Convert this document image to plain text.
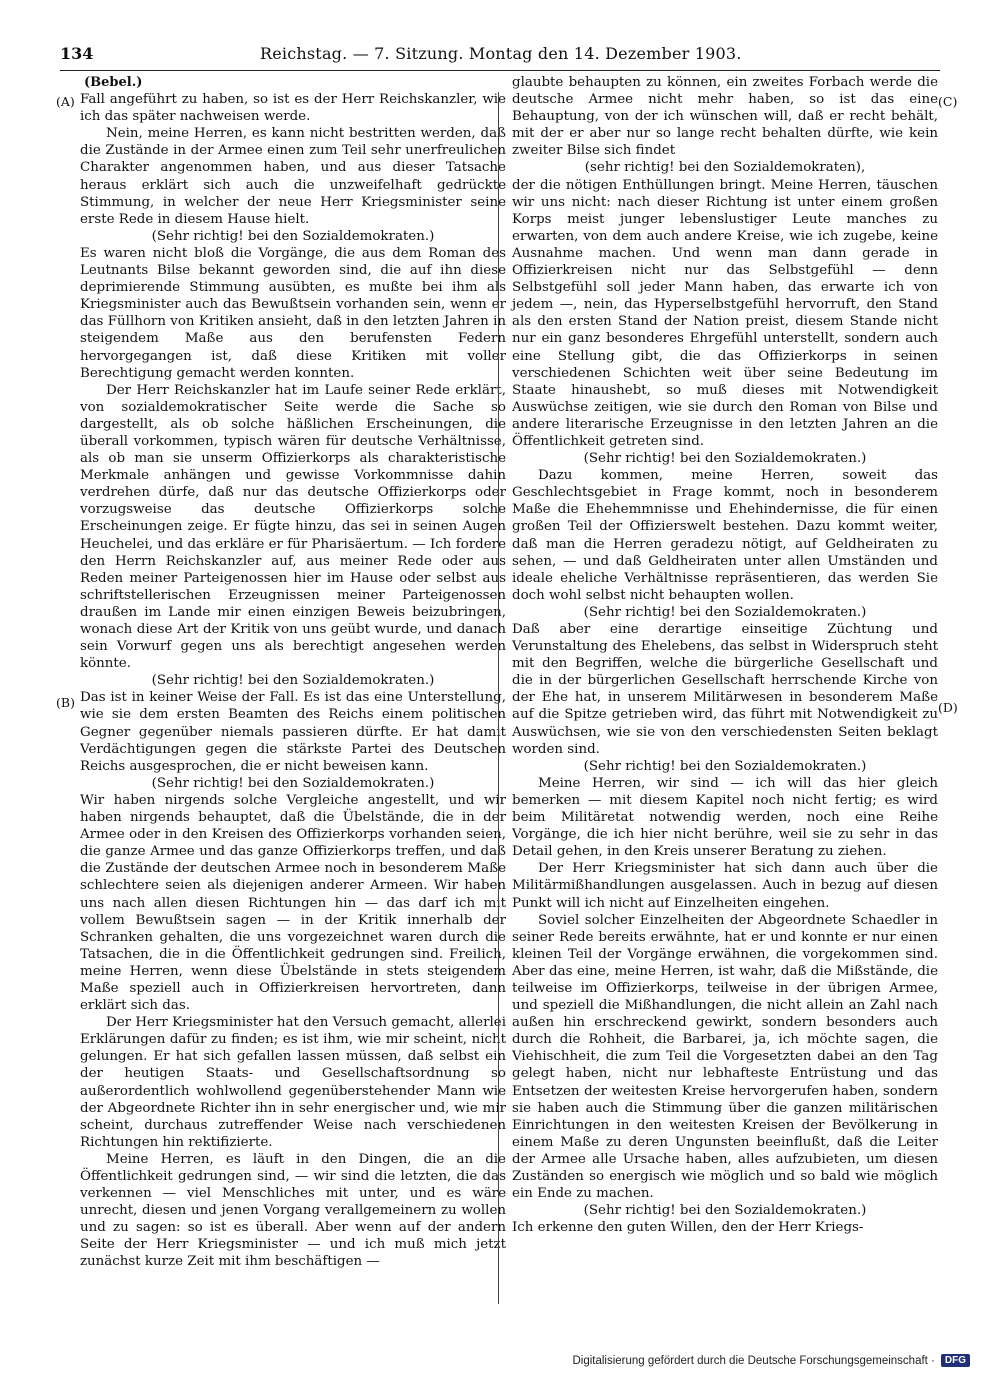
134	Reichstag. — 7. Sitzung. Montag den 14. Dezember 1903.
(A)
(B)
(C)
(D)
(Bebel.)

Fall angeführt zu haben, so ist es der Herr Reichskanzler, wie ich das später nachweisen werde.

Nein, meine Herren, es kann nicht bestritten werden, daß die Zustände in der Armee einen zum Teil sehr unerfreulichen Charakter angenommen haben, und aus dieser Tatsache heraus erklärt sich auch die unzweifelhaft gedrückte Stimmung, in welcher der neue Herr Kriegsminister seine erste Rede in diesem Hause hielt.

(Sehr richtig! bei den Sozialdemokraten.)

Es waren nicht bloß die Vorgänge, die aus dem Roman des Leutnants Bilse bekannt geworden sind, die auf ihn diese deprimierende Stimmung ausübten, es mußte bei ihm als Kriegsminister auch das Bewußtsein vorhanden sein, wenn er das Füllhorn von Kritiken ansieht, daß in den letzten Jahren in steigendem Maße aus den berufensten Federn hervorgegangen ist, daß diese Kritiken mit voller Berechtigung gemacht werden konnten.

Der Herr Reichskanzler hat im Laufe seiner Rede erklärt, von sozialdemokratischer Seite werde die Sache so dargestellt, als ob solche häßlichen Erscheinungen, die überall vorkommen, typisch wären für deutsche Verhältnisse, als ob man sie unserm Offizierkorps als charakteristische Merkmale anhängen und gewisse Vorkommnisse dahin verdrehen dürfe, daß nur das deutsche Offizierkorps oder vorzugsweise das deutsche Offizierkorps solche Erscheinungen zeige. Er fügte hinzu, das sei in seinen Augen Heuchelei, und das erkläre er für Pharisäertum. — Ich fordere den Herrn Reichskanzler auf, aus meiner Rede oder aus Reden meiner Parteigenossen hier im Hause oder selbst aus schriftstellerischen Erzeugnissen meiner Parteigenossen draußen im Lande mir einen einzigen Beweis beizubringen, wonach diese Art der Kritik von uns geübt wurde, und danach sein Vorwurf gegen uns als berechtigt angesehen werden könnte.

(Sehr richtig! bei den Sozialdemokraten.)

Das ist in keiner Weise der Fall. Es ist das eine Unterstellung, wie sie dem ersten Beamten des Reichs einem politischen Gegner gegenüber niemals passieren dürfte. Er hat damit Verdächtigungen gegen die stärkste Partei des Deutschen Reichs ausgesprochen, die er nicht beweisen kann.

(Sehr richtig! bei den Sozialdemokraten.)

Wir haben nirgends solche Vergleiche angestellt, und wir haben nirgends behauptet, daß die Übelstände, die in der Armee oder in den Kreisen des Offizierkorps vorhanden seien, die ganze Armee und das ganze Offizierkorps treffen, und daß die Zustände der deutschen Armee noch in besonderem Maße schlechtere seien als diejenigen anderer Armeen. Wir haben uns nach allen diesen Richtungen hin — das darf ich mit vollem Bewußtsein sagen — in der Kritik innerhalb der Schranken gehalten, die uns vorgezeichnet waren durch die Tatsachen, die in die Öffentlichkeit gedrungen sind. Freilich, meine Herren, wenn diese Übelstände in stets steigendem Maße speziell auch in Offizierkreisen hervortreten, dann erklärt sich das.

Der Herr Kriegsminister hat den Versuch gemacht, allerlei Erklärungen dafür zu finden; es ist ihm, wie mir scheint, nicht gelungen. Er hat sich gefallen lassen müssen, daß selbst ein der heutigen Staats- und Gesellschaftsordnung so außerordentlich wohlwollend gegenüberstehender Mann wie der Abgeordnete Richter ihn in sehr energischer und, wie mir scheint, durchaus zutreffender Weise nach verschiedenen Richtungen hin rektifizierte.

Meine Herren, es läuft in den Dingen, die an die Öffentlichkeit gedrungen sind, — wir sind die letzten, die das verkennen — viel Menschliches mit unter, und es wäre unrecht, diesen und jenen Vorgang verallgemeinern zu wollen und zu sagen: so ist es überall. Aber wenn auf der andern Seite der Herr Kriegsminister — und ich muß mich jetzt zunächst kurze Zeit mit ihm beschäftigen —

glaubte behaupten zu können, ein zweites Forbach werde die deutsche Armee nicht mehr haben, so ist das eine Behauptung, von der ich wünschen will, daß er recht behält, mit der er aber nur so lange recht behalten dürfte, wie kein zweiter Bilse sich findet

(sehr richtig! bei den Sozialdemokraten),

der die nötigen Enthüllungen bringt. Meine Herren, täuschen wir uns nicht: nach dieser Richtung ist unter einem großen Korps meist junger lebenslustiger Leute manches zu erwarten, von dem auch andere Kreise, wie ich zugebe, keine Ausnahme machen. Und wenn man dann gerade in Offizierkreisen nicht nur das Selbstgefühl — denn Selbstgefühl soll jeder Mann haben, das erwarte ich von jedem —, nein, das Hyperselbstgefühl hervorruft, den Stand als den ersten Stand der Nation preist, diesem Stande nicht nur ein ganz besonderes Ehrgefühl unterstellt, sondern auch eine Stellung gibt, die das Offizierkorps in seinen verschiedenen Schichten weit über seine Bedeutung im Staate hinaushebt, so muß dieses mit Notwendigkeit Auswüchse zeitigen, wie sie durch den Roman von Bilse und andere literarische Erzeugnisse in den letzten Jahren an die Öffentlichkeit getreten sind.

(Sehr richtig! bei den Sozialdemokraten.)

Dazu kommen, meine Herren, soweit das Geschlechtsgebiet in Frage kommt, noch in besonderem Maße die Ehehemmnisse und Ehehindernisse, die für einen großen Teil der Offizierswelt bestehen. Dazu kommt weiter, daß man die Herren geradezu nötigt, auf Geldheiraten zu sehen, — und daß Geldheiraten unter allen Umständen und ideale eheliche Verhältnisse repräsentieren, das werden Sie doch wohl selbst nicht behaupten wollen.

(Sehr richtig! bei den Sozialdemokraten.)

Daß aber eine derartige einseitige Züchtung und Verunstaltung des Ehelebens, das selbst in Widerspruch steht mit den Begriffen, welche die bürgerliche Gesellschaft und die in der bürgerlichen Gesellschaft herrschende Kirche von der Ehe hat, in unserem Militärwesen in besonderem Maße auf die Spitze getrieben wird, das führt mit Notwendigkeit zu Auswüchsen, wie sie von den verschiedensten Seiten beklagt worden sind.

(Sehr richtig! bei den Sozialdemokraten.)

Meine Herren, wir sind — ich will das hier gleich bemerken — mit diesem Kapitel noch nicht fertig; es wird beim Militäretat notwendig werden, noch eine Reihe Vorgänge, die ich hier nicht berühre, weil sie zu sehr in das Detail gehen, in den Kreis unserer Beratung zu ziehen.

Der Herr Kriegsminister hat sich dann auch über die Militärmißhandlungen ausgelassen. Auch in bezug auf diesen Punkt will ich nicht auf Einzelheiten eingehen.

Soviel solcher Einzelheiten der Abgeordnete Schaedler in seiner Rede bereits erwähnte, hat er und konnte er nur einen kleinen Teil der Vorgänge erwähnen, die vorgekommen sind. Aber das eine, meine Herren, ist wahr, daß die Mißstände, die teilweise im Offizierkorps, teilweise in der übrigen Armee, und speziell die Mißhandlungen, die nicht allein an Zahl nach außen hin erschreckend gewirkt, sondern besonders auch durch die Rohheit, die Barbarei, ja, ich möchte sagen, die Viehischheit, die zum Teil die Vorgesetzten dabei an den Tag gelegt haben, nicht nur lebhafteste Entrüstung und das Entsetzen der weitesten Kreise hervorgerufen haben, sondern sie haben auch die Stimmung über die ganzen militärischen Einrichtungen in den weitesten Kreisen der Bevölkerung in einem Maße zu deren Ungunsten beeinflußt, daß die Leiter der Armee alle Ursache haben, alles aufzubieten, um diesen Zuständen so energisch wie möglich und so bald wie möglich ein Ende zu machen.

(Sehr richtig! bei den Sozialdemokraten.)

Ich erkenne den guten Willen, den der Herr Kriegs-

Digitalisierung gefördert durch die Deutsche Forschungsgemeinschaft ·	DFG
